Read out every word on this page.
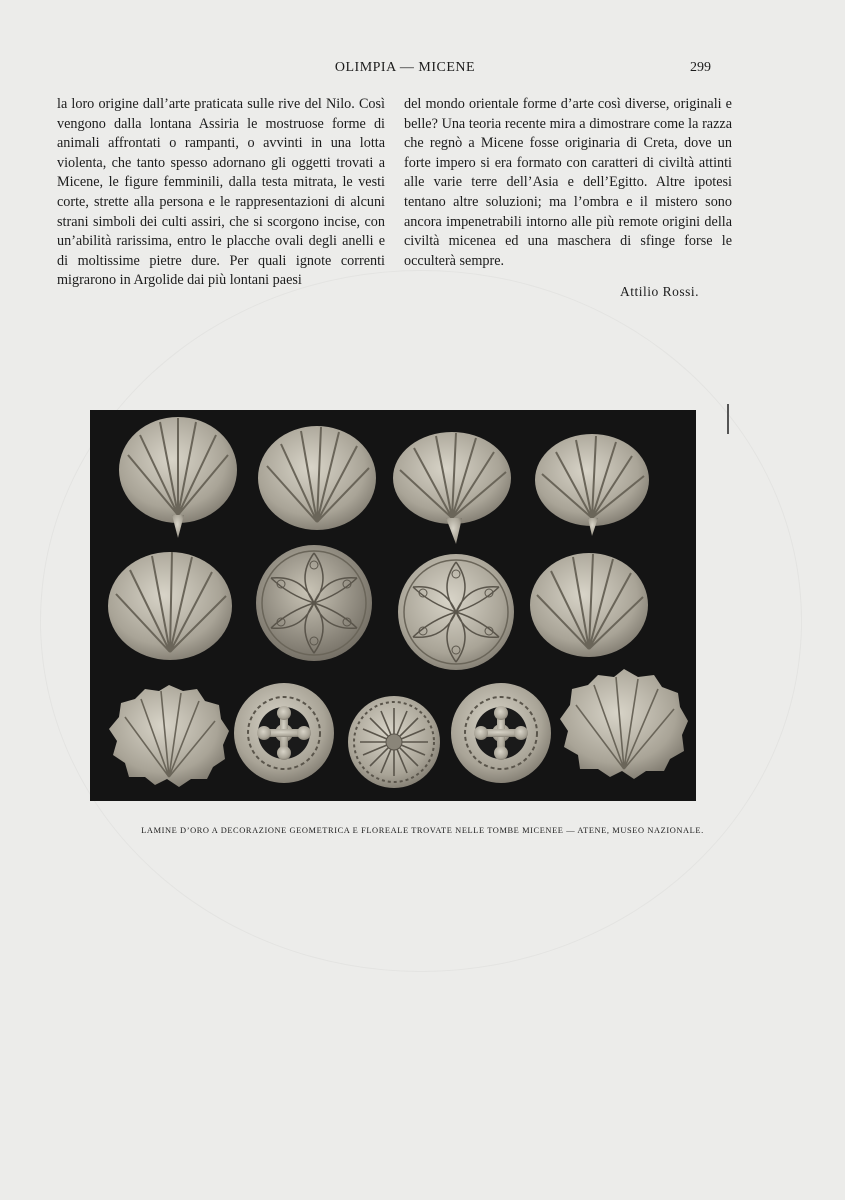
OLIMPIA — MICENE	299

la loro origine dall’arte praticata sulle rive del Nilo. Così vengono dalla lontana Assiria le mostruose forme di animali affrontati o rampanti, o avvinti in una lotta violenta, che tanto spesso adornano gli oggetti trovati a Micene, le figure femminili, dalla testa mitrata, le vesti corte, strette alla persona e le rappresentazioni di alcuni strani simboli dei culti assiri, che si scorgono incise, con un’abilità rarissima, entro le placche ovali degli anelli e di moltissime pietre dure. Per quali ignote correnti migrarono in Argolide dai più lontani paesi

del mondo orientale forme d’arte così diverse, originali e belle? Una teoria recente mira a dimostrare come la razza che regnò a Micene fosse originaria di Creta, dove un forte impero si era formato con caratteri di civiltà attinti alle varie terre dell’Asia e dell’Egitto. Altre ipotesi tentano altre soluzioni; ma l’ombra e il mistero sono ancora impenetrabili intorno alle più remote origini della civiltà micenea ed una maschera di sfinge forse le occulterà sempre.

Attilio Rossi.
LAMINE D’ORO A DECORAZIONE GEOMETRICA E FLOREALE TROVATE NELLE TOMBE MICENEE — ATENE, MUSEO NAZIONALE.
